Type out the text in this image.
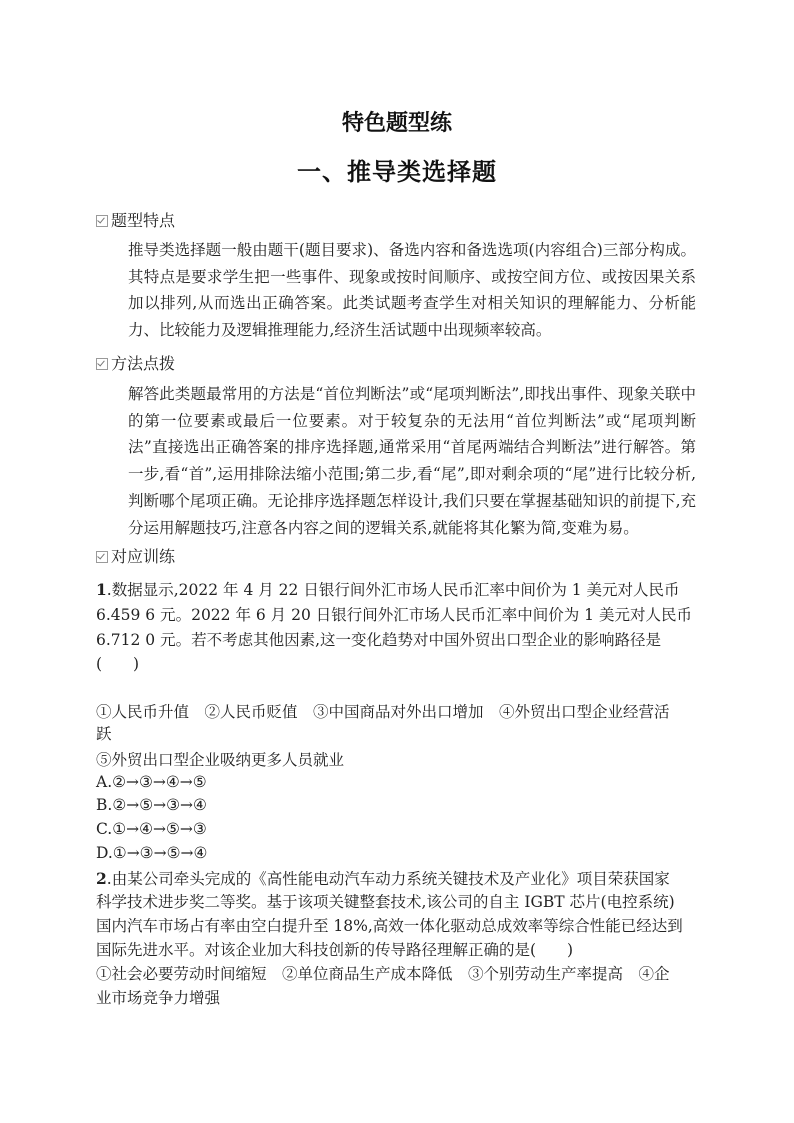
特色题型练
一、推导类选择题
题型特点
推导类选择题一般由题干(题目要求)、备选内容和备选选项(内容组合)三部分构成。其特点是要求学生把一些事件、现象或按时间顺序、或按空间方位、或按因果关系加以排列,从而选出正确答案。此类试题考查学生对相关知识的理解能力、分析能力、比较能力及逻辑推理能力,经济生活试题中出现频率较高。
方法点拨
解答此类题最常用的方法是“首位判断法”或“尾项判断法”,即找出事件、现象关联中的第一位要素或最后一位要素。对于较复杂的无法用“首位判断法”或“尾项判断法”直接选出正确答案的排序选择题,通常采用“首尾两端结合判断法”进行解答。第一步,看“首”,运用排除法缩小范围;第二步,看“尾”,即对剩余项的“尾”进行比较分析,判断哪个尾项正确。无论排序选择题怎样设计,我们只要在掌握基础知识的前提下,充分运用解题技巧,注意各内容之间的逻辑关系,就能将其化繁为简,变难为易。
对应训练
1.数据显示,2022 年 4 月 22 日银行间外汇市场人民币汇率中间价为 1 美元对人民币
6.459 6 元。2022 年 6 月 20 日银行间外汇市场人民币汇率中间价为 1 美元对人民币
6.712 0 元。若不考虑其他因素,这一变化趋势对中国外贸出口型企业的影响路径是
(　　)
①人民币升值　②人民币贬值　③中国商品对外出口增加　④外贸出口型企业经营活
跃
⑤外贸出口型企业吸纳更多人员就业
A.②→③→④→⑤
B.②→⑤→③→④
C.①→④→⑤→③
D.①→③→⑤→④
2.由某公司牵头完成的《高性能电动汽车动力系统关键技术及产业化》项目荣获国家
科学技术进步奖二等奖。基于该项关键整套技术,该公司的自主 IGBT 芯片(电控系统)
国内汽车市场占有率由空白提升至 18%,高效一体化驱动总成效率等综合性能已经达到
国际先进水平。对该企业加大科技创新的传导路径理解正确的是(　　)
①社会必要劳动时间缩短　②单位商品生产成本降低　③个别劳动生产率提高　④企
业市场竞争力增强
